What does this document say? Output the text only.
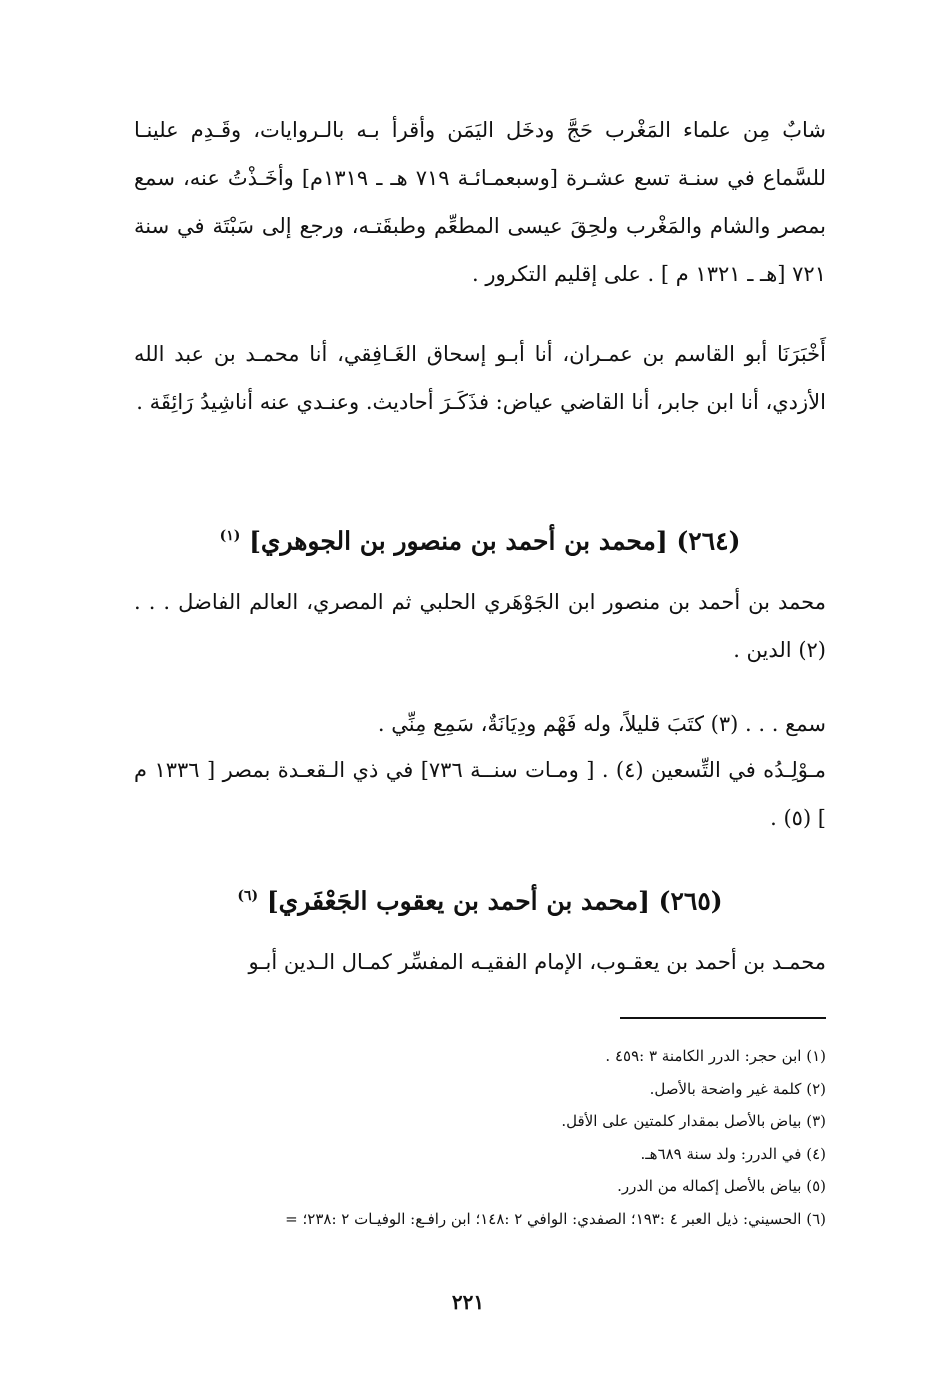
شابٌ مِن علماء المَغْرب حَجَّ ودخَل اليَمَن وأقرأ بـه بالـروايات، وقَـدِم علينـا للسَّماع في سنـة تسع عشـرة [وسبعمـائـة ٧١٩ هـ ـ ١٣١٩م] وأخَـذْتُ عنه، سمع بمصر والشام والمَغْرب ولحِقَ عيسى المطعِّم وطبقَتـه، ورجع إلى سَبْتَة في سنة ٧٢١ [هـ ـ ١٣٢١ م ] . على إقليم التكرور .

أَخْبَرَنَا أبو القاسم بن عمـران، أنا أبـو إسحاق الغَـافِقي، أنا محمـد بن عبد الله الأزدي، أنا ابن جابر، أنا القاضي عياض: فذَكَـرَ أحاديث. وعنـدي عنه أناشِيدُ رَائِقَة .

(٢٦٤) [محمد بن أحمد بن منصور بن الجوهري] $^{(١)}$

محمد بن أحمد بن منصور ابن الجَوْهَري الحلبي ثم المصري، العالم الفاضل . . . (٢) الدين .

سمع . . . (٣) كتَبَ قليلاً، وله فَهْم ودِيَانَةٌ، سَمِع مِنِّي .

مـوْلِـدُه في التِّسعين (٤) . [ ومـات سنــة ٧٣٦] في ذي الـقعـدة بمصر [ ١٣٣٦ م ] (٥) .

(٢٦٥) [محمد بن أحمد بن يعقوب الجَعْفَري] $^{(٦)}$

محمـد بن أحمد بن يعقـوب، الإمام الفقيـه المفسِّر كمـال الـدين أبـو

(١) ابن حجر: الدرر الكامنة ٣ :٤٥٩ .

(٢) كلمة غير واضحة بالأصل.

(٣) بياض بالأصل بمقدار كلمتين على الأقل.

(٤) في الدرر: ولد سنة ٦٨٩هـ.

(٥) بياض بالأصل إكماله من الدرر.

(٦) الحسيني: ذيل العبر ٤ :١٩٣؛ الصفدي: الوافي ٢ :١٤٨؛ ابن رافـع: الوفيـات ٢ :٢٣٨؛ =

٢٢١
